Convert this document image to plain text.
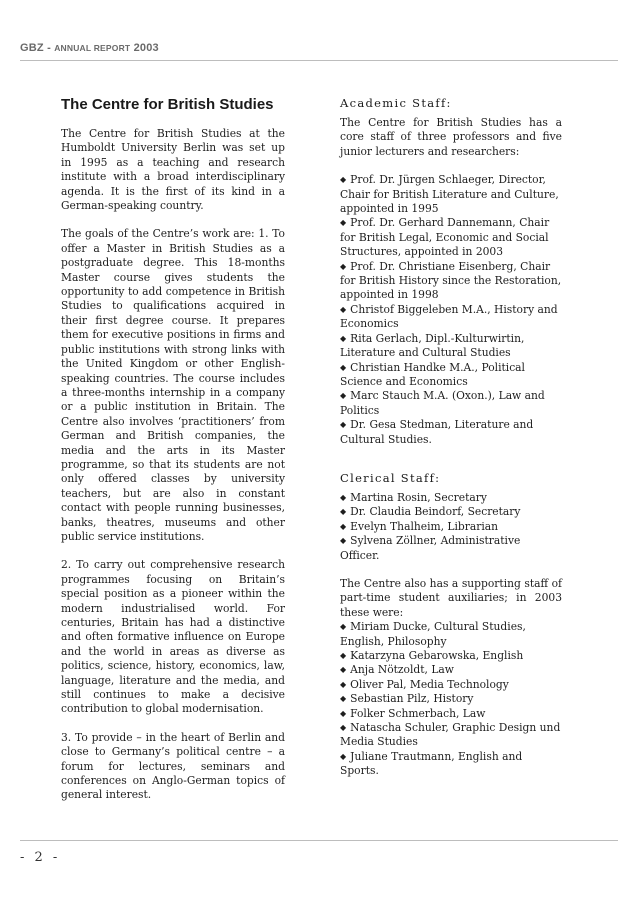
GBZ - ANNUAL REPORT 2003
The Centre for British Studies

The Centre for British Studies at the Humboldt University Berlin was set up in 1995 as a teaching and research institute with a broad interdisciplinary agenda. It is the first of its kind in a German-speaking country.

The goals of the Centre’s work are: 1. To offer a Master in British Studies as a postgraduate degree. This 18-months Master course gives students the opportunity to add competence in British Studies to qualifications acquired in their first degree course. It prepares them for executive positions in firms and public institutions with strong links with the United Kingdom or other English-speaking countries. The course includes a three-months internship in a company or a public institution in Britain. The Centre also involves ‘practitioners’ from German and British companies, the media and the arts in its Master programme, so that its students are not only offered classes by university teachers, but are also in constant contact with people running businesses, banks, theatres, museums and other public service institutions.

2. To carry out comprehensive research programmes focusing on Britain’s special position as a pioneer within the modern industrialised world. For centuries, Britain has had a distinctive and often formative influence on Europe and the world in areas as diverse as politics, science, history, economics, law, language, literature and the media, and still continues to make a decisive contribution to global modernisation.

3. To provide – in the heart of Berlin and close to Germany’s political centre – a forum for lectures, seminars and conferences on Anglo-German topics of general interest.

Academic Staff:

The Centre for British Studies has a core staff of three professors and five junior lecturers and researchers:

◆ Prof. Dr. Jürgen Schlaeger, Director, Chair for British Literature and Culture, appointed in 1995
◆ Prof. Dr. Gerhard Dannemann, Chair for British Legal, Economic and Social Structures, appointed in 2003
◆ Prof. Dr. Christiane Eisenberg, Chair for British History since the Restoration, appointed in 1998
◆ Christof Biggeleben M.A., History and Economics
◆ Rita Gerlach, Dipl.-Kulturwirtin, Literature and Cultural Studies
◆ Christian Handke M.A., Political Science and Economics
◆ Marc Stauch M.A. (Oxon.), Law and Politics
◆ Dr. Gesa Stedman, Literature and Cultural Studies.
Clerical Staff:
◆ Martina Rosin, Secretary
◆ Dr. Claudia Beindorf, Secretary
◆ Evelyn Thalheim, Librarian
◆ Sylvena Zöllner, Administrative Officer.

The Centre also has a supporting staff of part-time student auxiliaries; in 2003 these were:

◆ Miriam Ducke, Cultural Studies, English, Philosophy
◆ Katarzyna Gebarowska, English
◆ Anja Nötzoldt, Law
◆ Oliver Pal, Media Technology
◆ Sebastian Pilz, History
◆ Folker Schmerbach, Law
◆ Natascha Schuler, Graphic Design und Media Studies
◆ Juliane Trautmann, English and Sports.
- 2 -
